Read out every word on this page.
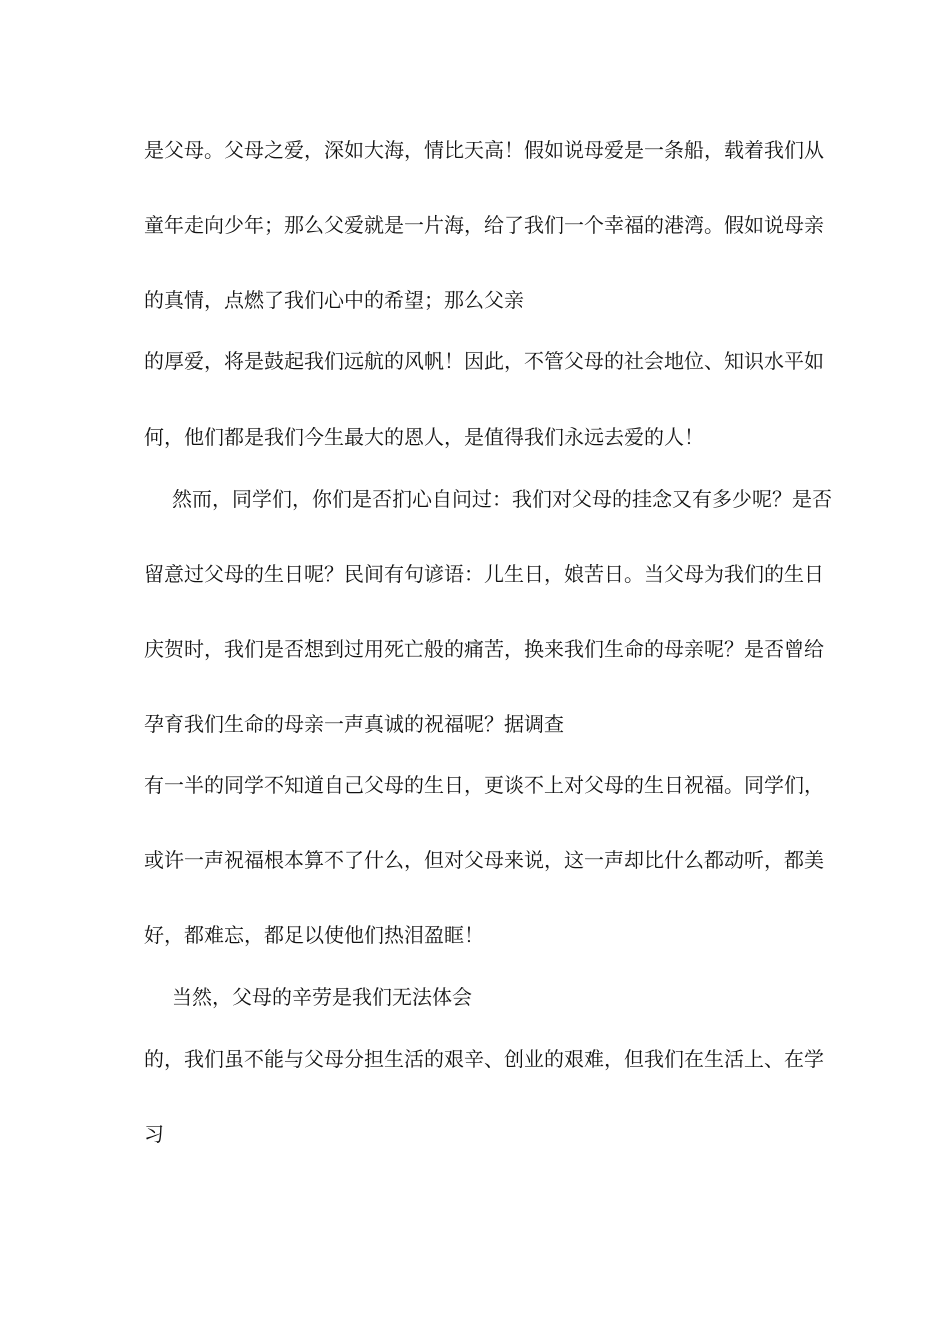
是父母。父母之爱，深如大海，情比天高！假如说母爱是一条船，载着我们从
童年走向少年；那么父爱就是一片海，给了我们一个幸福的港湾。假如说母亲
的真情，点燃了我们心中的希望；那么父亲
的厚爱，将是鼓起我们远航的风帆！因此，不管父母的社会地位、知识水平如
何，他们都是我们今生最大的恩人，是值得我们永远去爱的人！
然而，同学们，你们是否扪心自问过：我们对父母的挂念又有多少呢？是否
留意过父母的生日呢？民间有句谚语：儿生日，娘苦日。当父母为我们的生日
庆贺时，我们是否想到过用死亡般的痛苦，换来我们生命的母亲呢？是否曾给
孕育我们生命的母亲一声真诚的祝福呢？据调查
有一半的同学不知道自己父母的生日，更谈不上对父母的生日祝福。同学们，
或许一声祝福根本算不了什么，但对父母来说，这一声却比什么都动听，都美
好，都难忘，都足以使他们热泪盈眶！
当然，父母的辛劳是我们无法体会
的，我们虽不能与父母分担生活的艰辛、创业的艰难，但我们在生活上、在学
习
